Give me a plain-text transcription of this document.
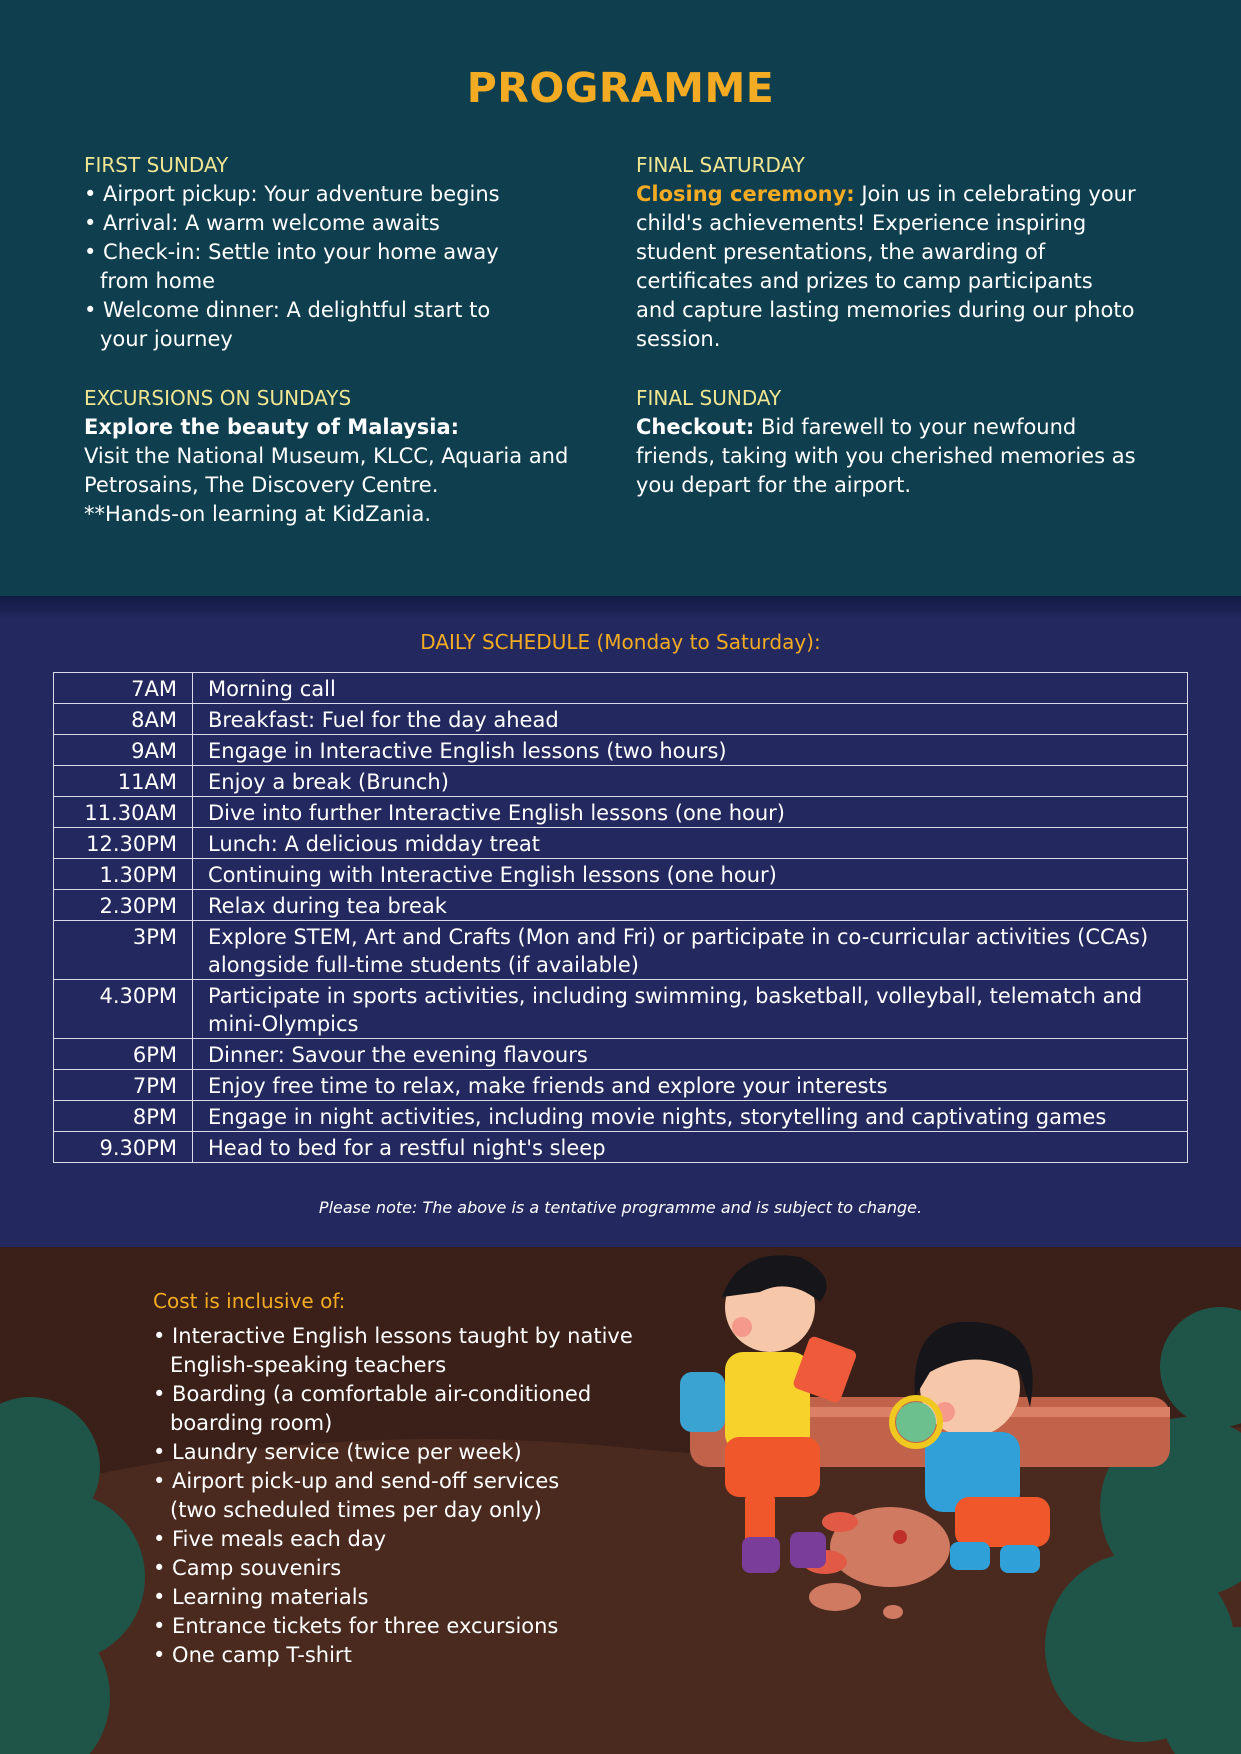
PROGRAMME
FIRST SUNDAY
• Airport pickup: Your adventure begins
• Arrival: A warm welcome awaits
• Check-in: Settle into your home away from home
• Welcome dinner: A delightful start to your journey
EXCURSIONS ON SUNDAYS
Explore the beauty of Malaysia:
Visit the National Museum, KLCC, Aquaria and Petrosains, The Discovery Centre.
**Hands-on learning at KidZania.
FINAL SATURDAY
Closing ceremony: Join us in celebrating your child's achievements! Experience inspiring student presentations, the awarding of certificates and prizes to camp participants and capture lasting memories during our photo session.
FINAL SUNDAY
Checkout: Bid farewell to your newfound friends, taking with you cherished memories as you depart for the airport.
DAILY SCHEDULE (Monday to Saturday):
7AM	Morning call
8AM	Breakfast: Fuel for the day ahead
9AM	Engage in Interactive English lessons (two hours)
11AM	Enjoy a break (Brunch)
11.30AM	Dive into further Interactive English lessons (one hour)
12.30PM	Lunch: A delicious midday treat
1.30PM	Continuing with Interactive English lessons (one hour)
2.30PM	Relax during tea break
3PM	Explore STEM, Art and Crafts (Mon and Fri) or participate in co-curricular activities (CCAs) alongside full-time students (if available)
4.30PM	Participate in sports activities, including swimming, basketball, volleyball, telematch and mini-Olympics
6PM	Dinner: Savour the evening flavours
7PM	Enjoy free time to relax, make friends and explore your interests
8PM	Engage in night activities, including movie nights, storytelling and captivating games
9.30PM	Head to bed for a restful night's sleep
Please note: The above is a tentative programme and is subject to change.
Cost is inclusive of:
• Interactive English lessons taught by native English-speaking teachers
• Boarding (a comfortable air-conditioned boarding room)
• Laundry service (twice per week)
• Airport pick-up and send-off services (two scheduled times per day only)
• Five meals each day
• Camp souvenirs
• Learning materials
• Entrance tickets for three excursions
• One camp T-shirt
